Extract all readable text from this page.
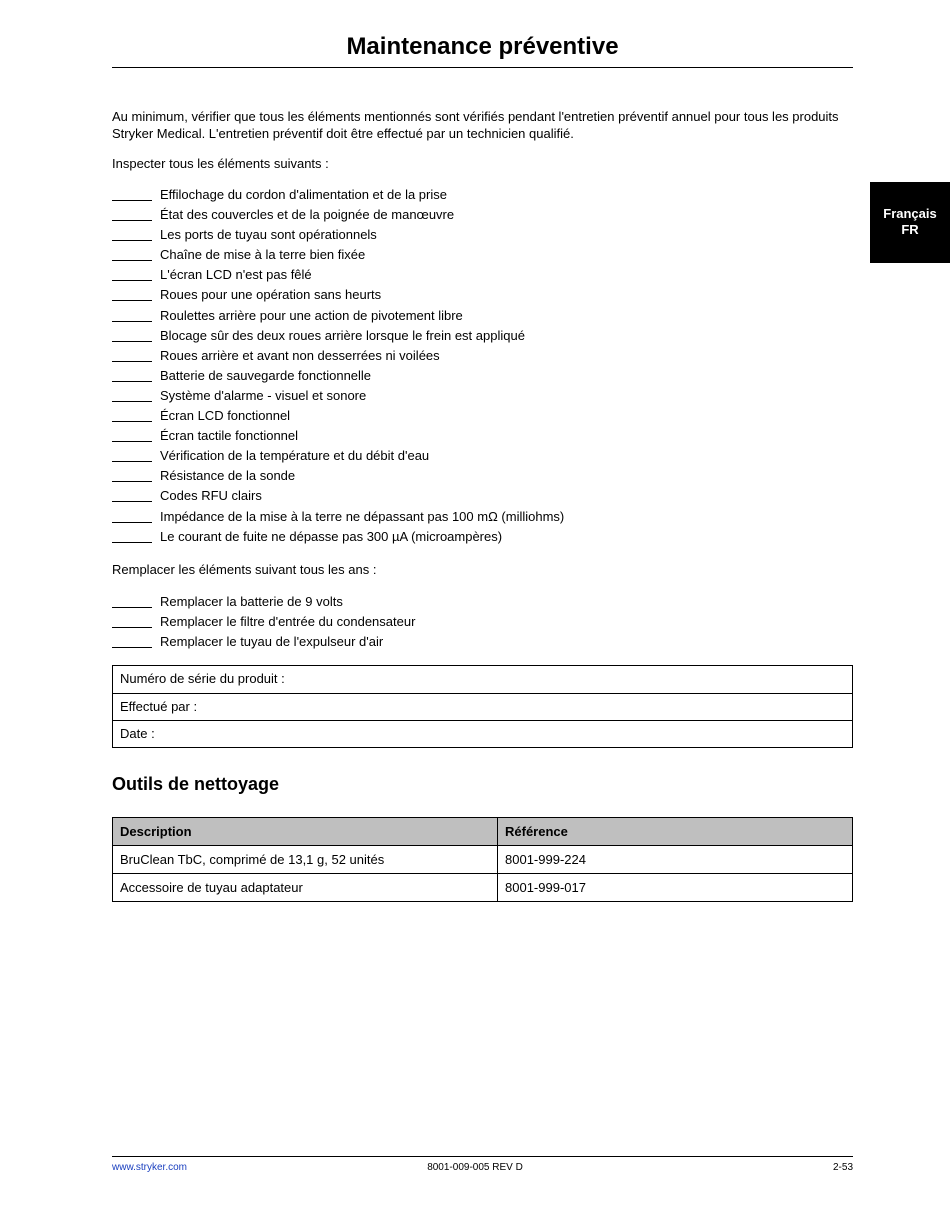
Maintenance préventive
Français
FR
Au minimum, vérifier que tous les éléments mentionnés sont vérifiés pendant l'entretien préventif annuel pour tous les produits Stryker Medical. L'entretien préventif doit être effectué par un technicien qualifié.
Inspecter tous les éléments suivants :
Effilochage du cordon d'alimentation et de la prise
État des couvercles et de la poignée de manœuvre
Les ports de tuyau sont opérationnels
Chaîne de mise à la terre bien fixée
L'écran LCD n'est pas fêlé
Roues pour une opération sans heurts
Roulettes arrière pour une action de pivotement libre
Blocage sûr des deux roues arrière lorsque le frein est appliqué
Roues arrière et avant non desserrées ni voilées
Batterie de sauvegarde fonctionnelle
Système d'alarme - visuel et sonore
Écran LCD fonctionnel
Écran tactile fonctionnel
Vérification de la température et du débit d'eau
Résistance de la sonde
Codes RFU clairs
Impédance de la mise à la terre ne dépassant pas 100 mΩ (milliohms)
Le courant de fuite ne dépasse pas 300 µA (microampères)
Remplacer les éléments suivant tous les ans :
Remplacer la batterie de 9 volts
Remplacer le filtre d'entrée du condensateur
Remplacer le tuyau de l'expulseur d'air
Numéro de série du produit :
Effectué par :
Date :
Outils de nettoyage
Description	Référence
BruClean TbC, comprimé de 13,1 g, 52 unités	8001-999-224
Accessoire de tuyau adaptateur	8001-999-017
www.stryker.com	8001-009-005 REV D	2-53
